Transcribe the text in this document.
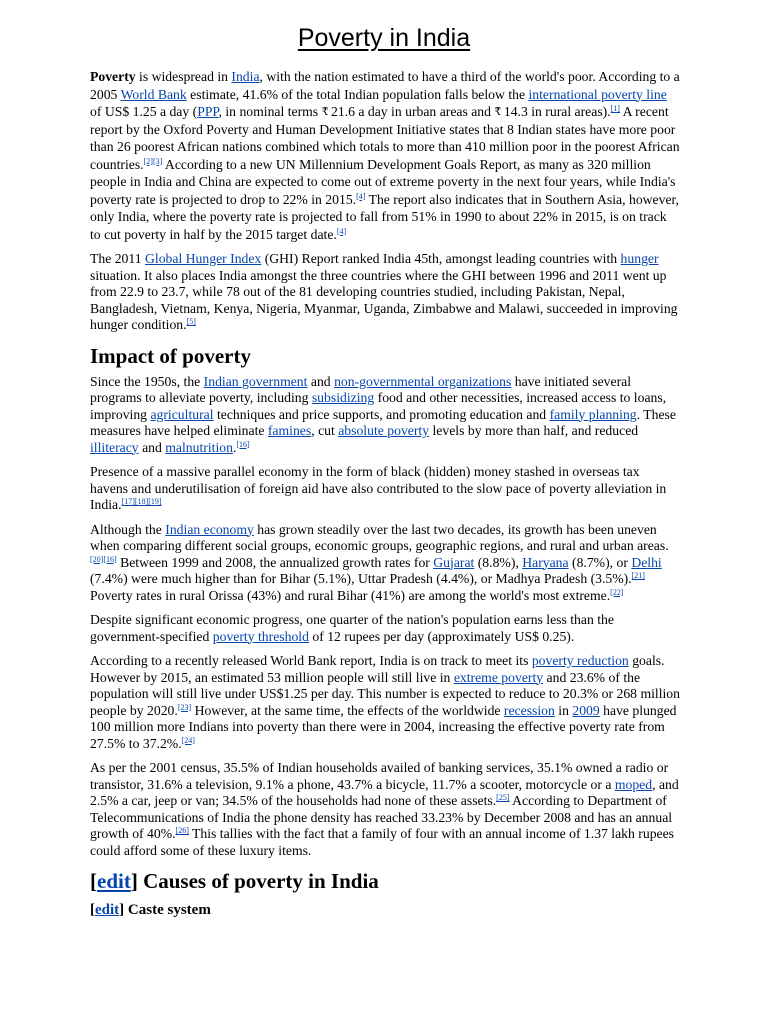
Poverty in India

Poverty is widespread in India, with the nation estimated to have a third of the world's poor. According to a 2005 World Bank estimate, 41.6% of the total Indian population falls below the international poverty line of US$ 1.25 a day (PPP, in nominal terms  21.6 a day in urban areas and  14.3 in rural areas).[1] A recent report by the Oxford Poverty and Human Development Initiative states that 8 Indian states have more poor than 26 poorest African nations combined which totals to more than 410 million poor in the poorest African countries.[2][3] According to a new UN Millennium Development Goals Report, as many as 320 million people in India and China are expected to come out of extreme poverty in the next four years, while India's poverty rate is projected to drop to 22% in 2015.[4] The report also indicates that in Southern Asia, however, only India, where the poverty rate is projected to fall from 51% in 1990 to about 22% in 2015, is on track to cut poverty in half by the 2015 target date.[4]

The 2011 Global Hunger Index (GHI) Report ranked India 45th, amongst leading countries with hunger situation. It also places India amongst the three countries where the GHI between 1996 and 2011 went up from 22.9 to 23.7, while 78 out of the 81 developing countries studied, including Pakistan, Nepal, Bangladesh, Vietnam, Kenya, Nigeria, Myanmar, Uganda, Zimbabwe and Malawi, succeeded in improving hunger condition.[5]

Impact of poverty

Since the 1950s, the Indian government and non-governmental organizations have initiated several programs to alleviate poverty, including subsidizing food and other necessities, increased access to loans, improving agricultural techniques and price supports, and promoting education and family planning. These measures have helped eliminate famines, cut absolute poverty levels by more than half, and reduced illiteracy and malnutrition.[16]

Presence of a massive parallel economy in the form of black (hidden) money stashed in overseas tax havens and underutilisation of foreign aid have also contributed to the slow pace of poverty alleviation in India.[17][18][19]

Although the Indian economy has grown steadily over the last two decades, its growth has been uneven when comparing different social groups, economic groups, geographic regions, and rural and urban areas.[20][16] Between 1999 and 2008, the annualized growth rates for Gujarat (8.8%), Haryana (8.7%), or Delhi (7.4%) were much higher than for Bihar (5.1%), Uttar Pradesh (4.4%), or Madhya Pradesh (3.5%).[21] Poverty rates in rural Orissa (43%) and rural Bihar (41%) are among the world's most extreme.[22]

Despite significant economic progress, one quarter of the nation's population earns less than the government-specified poverty threshold of 12 rupees per day (approximately US$ 0.25).

According to a recently released World Bank report, India is on track to meet its poverty reduction goals. However by 2015, an estimated 53 million people will still live in extreme poverty and 23.6% of the population will still live under US$1.25 per day. This number is expected to reduce to 20.3% or 268 million people by 2020.[23] However, at the same time, the effects of the worldwide recession in 2009 have plunged 100 million more Indians into poverty than there were in 2004, increasing the effective poverty rate from 27.5% to 37.2%.[24]

As per the 2001 census, 35.5% of Indian households availed of banking services, 35.1% owned a radio or transistor, 31.6% a television, 9.1% a phone, 43.7% a bicycle, 11.7% a scooter, motorcycle or a moped, and 2.5% a car, jeep or van; 34.5% of the households had none of these assets.[25] According to Department of Telecommunications of India the phone density has reached 33.23% by December 2008 and has an annual growth of 40%.[26] This tallies with the fact that a family of four with an annual income of 1.37 lakh rupees could afford some of these luxury items.

[edit] Causes of poverty in India
[edit] Caste system
